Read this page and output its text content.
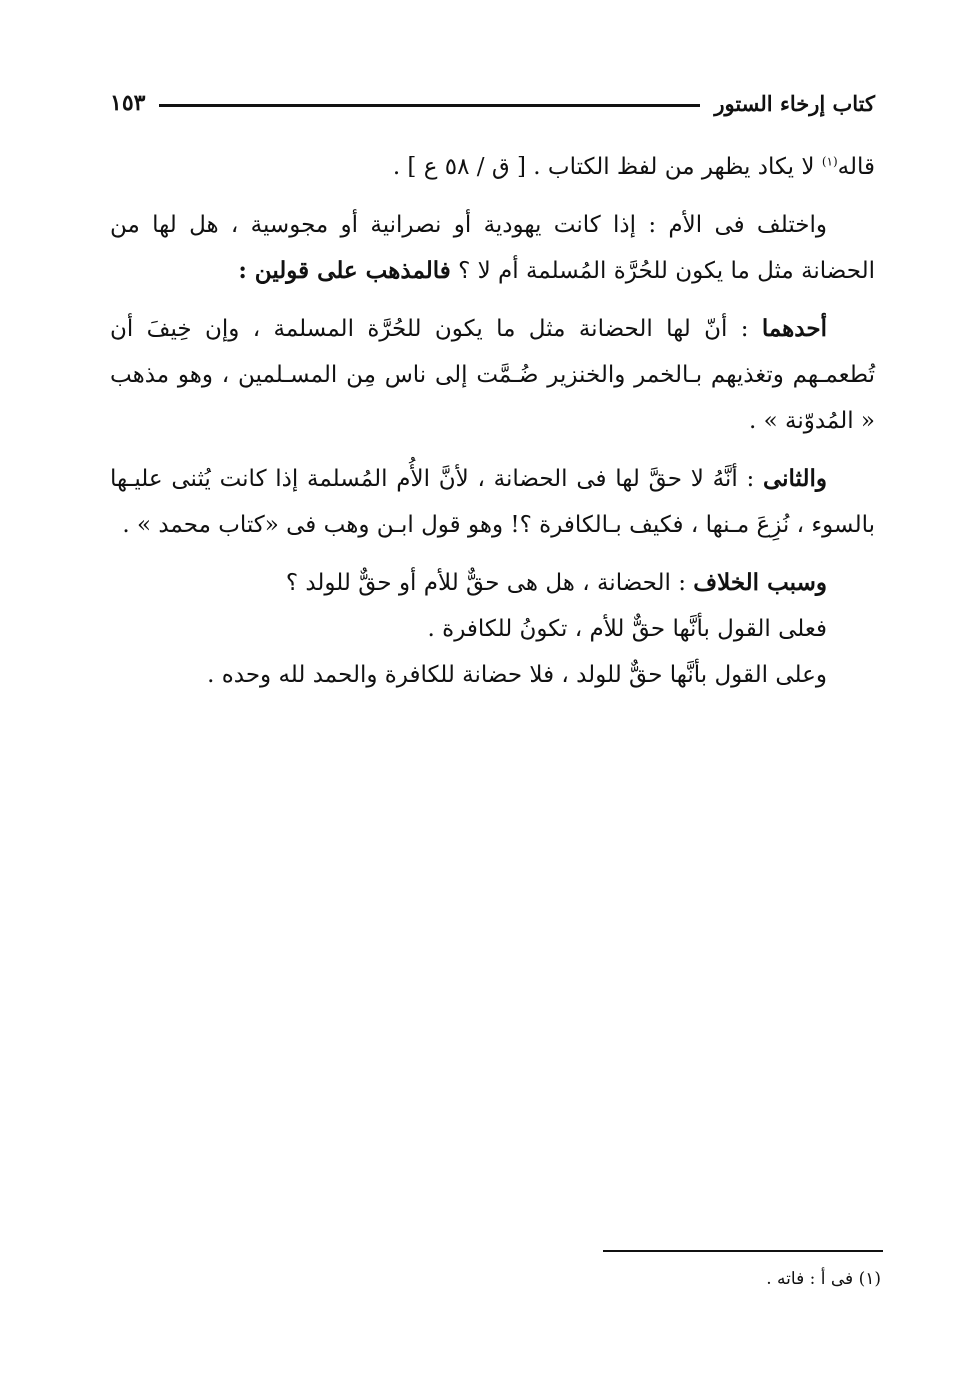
كتاب إرخاء الستور
١٥٣

قاله$^{(١)}$ لا يكاد يظهر من لفظ الكتاب . [ ق / ٥٨ ع ] .

واختلف فى الأم : إذا كانت يهودية أو نصرانية أو مجوسية ، هل لها من الحضانة مثل ما يكون للحُرَّة المُسلمة أم لا ؟ فالمذهب على قولين :

أحدهما : أنّ لها الحضانة مثل ما يكون للحُرَّة المسلمة ، وإن خِيفَ أن تُطعمـهم وتغذيهم بـالخمر والخنزير ضُـمَّت إلى ناس مِن المسـلمين ، وهو مذهب « المُدوّنة » .

والثانى : أنَّهُ لا حقَّ لها فى الحضانة ، لأنَّ الأُم المُسلمة إذا كانت يُثنى عليـها بالسوء ، نُزِعَ مـنها ، فكيف بـالكافرة ؟! وهو قول ابـن وهب فى «كتاب محمد » .

وسبب الخلاف : الحضانة ، هل هى حقٌّ للأم أو حقٌّ للولد ؟

فعلى القول بأنَّها حقٌّ للأم ، تكونُ للكافرة .

وعلى القول بأنَّها حقٌّ للولد ، فلا حضانة للكافرة والحمد لله وحده .

(١) فى أ : فاته .
